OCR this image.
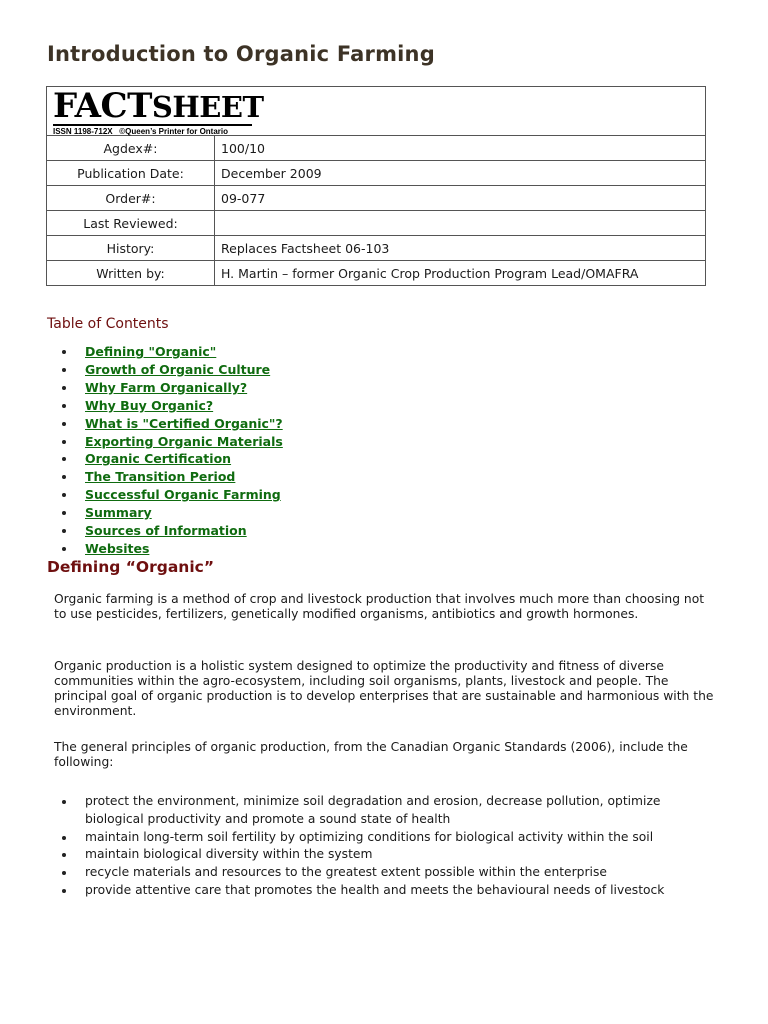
Introduction to Organic Farming
FACTSHEET
ISSN 1198-712X ©Queen’s Printer for Ontario	

Agdex#:	100/10
Publication Date:	December 2009
Order#:	09-077
Last Reviewed:	
History:	Replaces Factsheet 06-103
Written by:	H. Martin – former Organic Crop Production Program Lead/OMAFRA
Table of Contents
Defining "Organic"
Growth of Organic Culture
Why Farm Organically?
Why Buy Organic?
What is "Certified Organic"?
Exporting Organic Materials
Organic Certification
The Transition Period
Successful Organic Farming
Summary
Sources of Information
Websites
Defining “Organic”

Organic farming is a method of crop and livestock production that involves much more than choosing not to use pesticides, fertilizers, genetically modified organisms, antibiotics and growth hormones.

Organic production is a holistic system designed to optimize the productivity and fitness of diverse communities within the agro-ecosystem, including soil organisms, plants, livestock and people. The principal goal of organic production is to develop enterprises that are sustainable and harmonious with the environment.

The general principles of organic production, from the Canadian Organic Standards (2006), include the following:

protect the environment, minimize soil degradation and erosion, decrease pollution, optimize biological productivity and promote a sound state of health
maintain long-term soil fertility by optimizing conditions for biological activity within the soil
maintain biological diversity within the system
recycle materials and resources to the greatest extent possible within the enterprise
provide attentive care that promotes the health and meets the behavioural needs of livestock
